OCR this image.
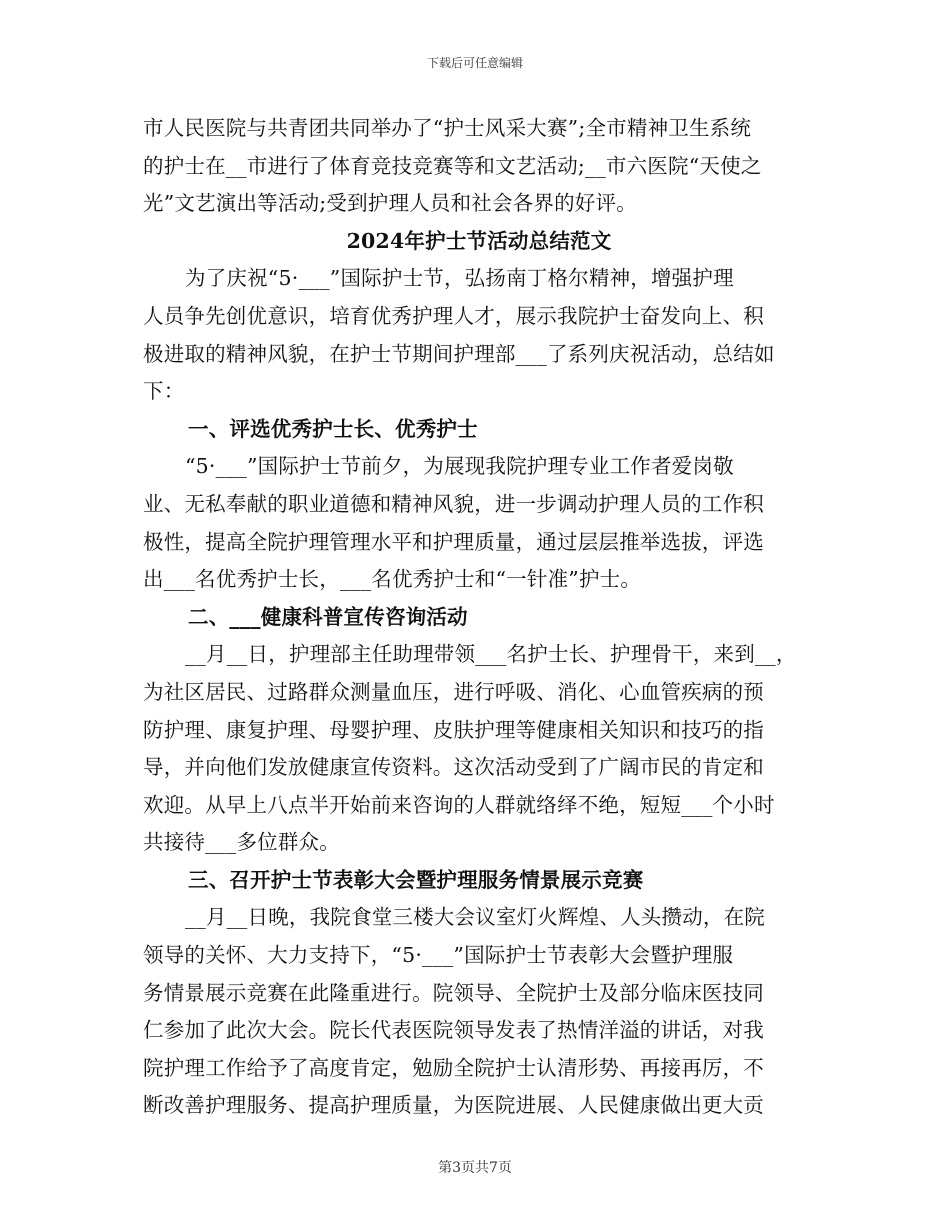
下载后可任意编辑
市人民医院与共青团共同举办了“护士风采大赛”;全市精神卫生系统
的护士在__市进行了体育竞技竞赛等和文艺活动;__市六医院“天使之
光”文艺演出等活动;受到护理人员和社会各界的好评。
2024年护士节活动总结范文
为了庆祝“5·___”国际护士节，弘扬南丁格尔精神，增强护理
人员争先创优意识，培育优秀护理人才，展示我院护士奋发向上、积
极进取的精神风貌，在护士节期间护理部___了系列庆祝活动，总结如
下：
一、评选优秀护士长、优秀护士
“5·___”国际护士节前夕，为展现我院护理专业工作者爱岗敬
业、无私奉献的职业道德和精神风貌，进一步调动护理人员的工作积
极性，提高全院护理管理水平和护理质量，通过层层推举选拔，评选
出___名优秀护士长，___名优秀护士和“一针准”护士。
二、___健康科普宣传咨询活动
__月__日，护理部主任助理带领___名护士长、护理骨干，来到__，
为社区居民、过路群众测量血压，进行呼吸、消化、心血管疾病的预
防护理、康复护理、母婴护理、皮肤护理等健康相关知识和技巧的指
导，并向他们发放健康宣传资料。这次活动受到了广阔市民的肯定和
欢迎。从早上八点半开始前来咨询的人群就络绎不绝，短短___个小时
共接待___多位群众。
三、召开护士节表彰大会暨护理服务情景展示竞赛
__月__日晚，我院食堂三楼大会议室灯火辉煌、人头攒动，在院
领导的关怀、大力支持下，“5·___”国际护士节表彰大会暨护理服
务情景展示竞赛在此隆重进行。院领导、全院护士及部分临床医技同
仁参加了此次大会。院长代表医院领导发表了热情洋溢的讲话，对我
院护理工作给予了高度肯定，勉励全院护士认清形势、再接再厉，不
断改善护理服务、提高护理质量，为医院进展、人民健康做出更大贡
第3页共7页
